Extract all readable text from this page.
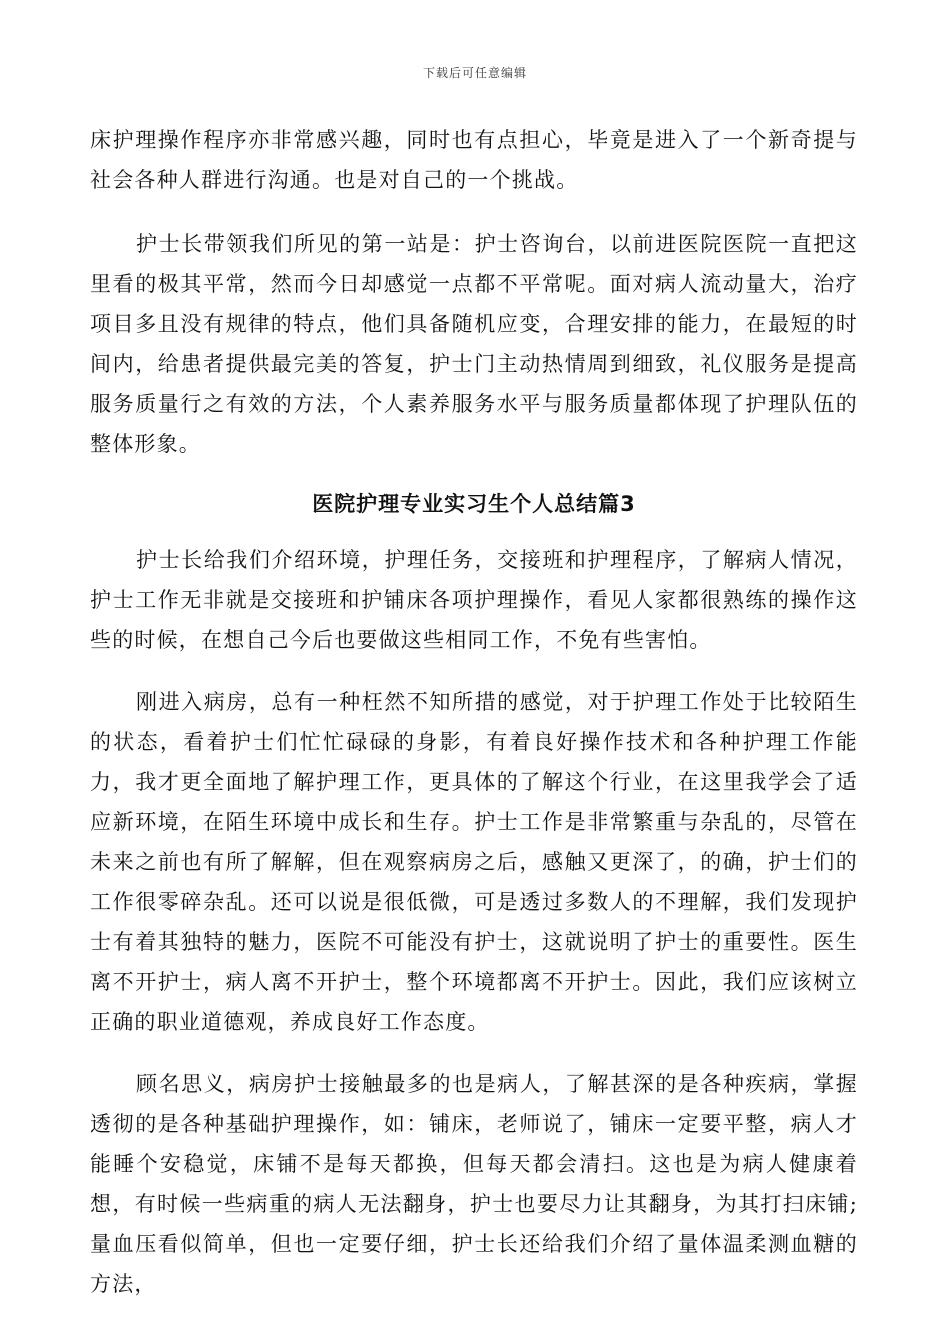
下载后可任意编辑

床护理操作程序亦非常感兴趣，同时也有点担心，毕竟是进入了一个新奇提与社会各种人群进行沟通。也是对自己的一个挑战。

护士长带领我们所见的第一站是：护士咨询台，以前进医院医院一直把这里看的极其平常，然而今日却感觉一点都不平常呢。面对病人流动量大，治疗项目多且没有规律的特点，他们具备随机应变，合理安排的能力，在最短的时间内，给患者提供最完美的答复，护士门主动热情周到细致，礼仪服务是提高服务质量行之有效的方法，个人素养服务水平与服务质量都体现了护理队伍的整体形象。

医院护理专业实习生个人总结篇3

护士长给我们介绍环境，护理任务，交接班和护理程序，了解病人情况，护士工作无非就是交接班和护铺床各项护理操作，看见人家都很熟练的操作这些的时候，在想自己今后也要做这些相同工作，不免有些害怕。

刚进入病房，总有一种枉然不知所措的感觉，对于护理工作处于比较陌生的状态，看着护士们忙忙碌碌的身影，有着良好操作技术和各种护理工作能力，我才更全面地了解护理工作，更具体的了解这个行业，在这里我学会了适应新环境，在陌生环境中成长和生存。护士工作是非常繁重与杂乱的，尽管在未来之前也有所了解解，但在观察病房之后，感触又更深了，的确，护士们的工作很零碎杂乱。还可以说是很低微，可是透过多数人的不理解，我们发现护士有着其独特的魅力，医院不可能没有护士，这就说明了护士的重要性。医生离不开护士，病人离不开护士，整个环境都离不开护士。因此，我们应该树立正确的职业道德观，养成良好工作态度。

顾名思义，病房护士接触最多的也是病人，了解甚深的是各种疾病，掌握透彻的是各种基础护理操作，如：铺床，老师说了，铺床一定要平整，病人才能睡个安稳觉，床铺不是每天都换，但每天都会清扫。这也是为病人健康着想，有时候一些病重的病人无法翻身，护士也要尽力让其翻身，为其打扫床铺;量血压看似简单，但也一定要仔细，护士长还给我们介绍了量体温柔测血糖的方法，
